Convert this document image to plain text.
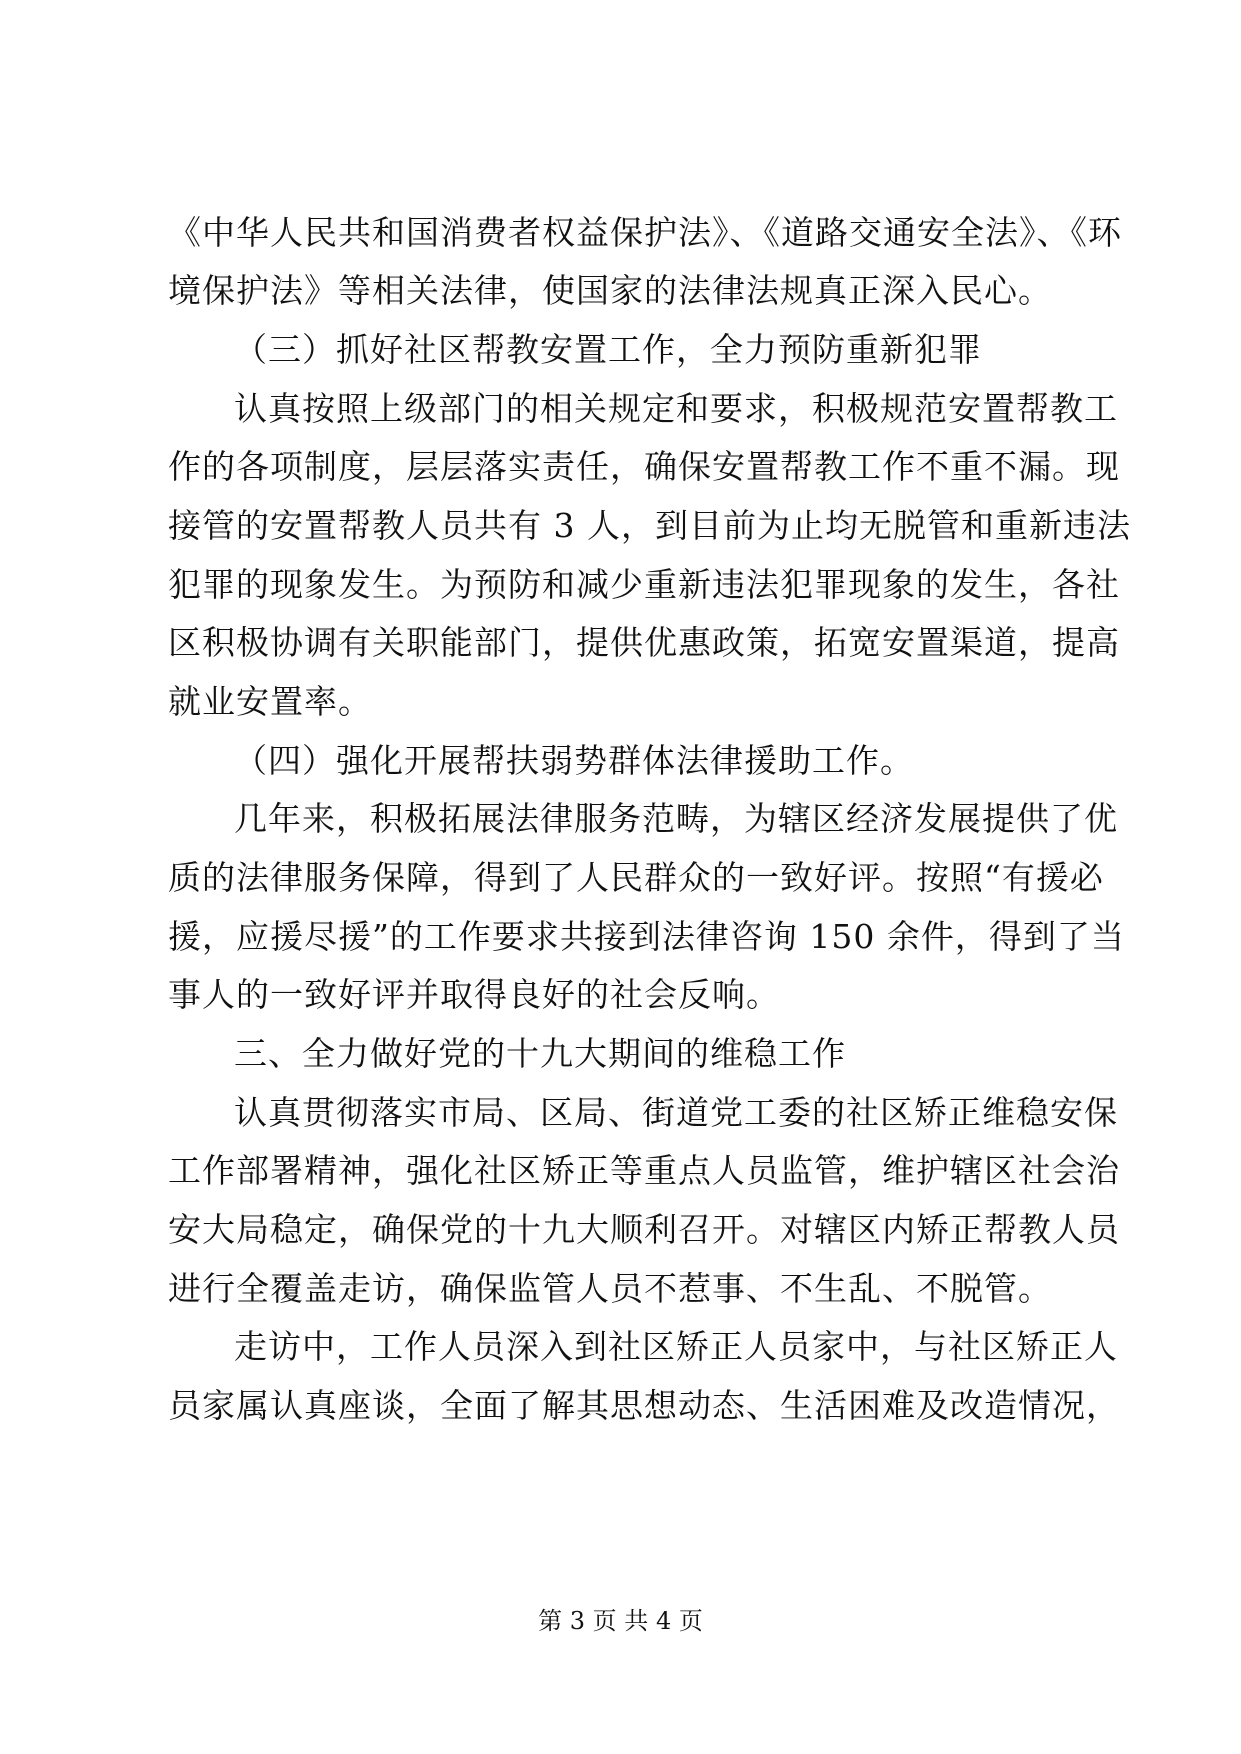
《中华人民共和国消费者权益保护法》、《道路交通安全法》、《环
境保护法》等相关法律，使国家的法律法规真正深入民心。
（三）抓好社区帮教安置工作，全力预防重新犯罪
认真按照上级部门的相关规定和要求，积极规范安置帮教工
作的各项制度，层层落实责任，确保安置帮教工作不重不漏。现
接管的安置帮教人员共有 3 人，到目前为止均无脱管和重新违法
犯罪的现象发生。为预防和减少重新违法犯罪现象的发生，各社
区积极协调有关职能部门，提供优惠政策，拓宽安置渠道，提高
就业安置率。
（四）强化开展帮扶弱势群体法律援助工作。
几年来，积极拓展法律服务范畴，为辖区经济发展提供了优
质的法律服务保障，得到了人民群众的一致好评。按照“有援必
援，应援尽援”的工作要求共接到法律咨询 150 余件，得到了当
事人的一致好评并取得良好的社会反响。
三、全力做好党的十九大期间的维稳工作
认真贯彻落实市局、区局、街道党工委的社区矫正维稳安保
工作部署精神，强化社区矫正等重点人员监管，维护辖区社会治
安大局稳定，确保党的十九大顺利召开。对辖区内矫正帮教人员
进行全覆盖走访，确保监管人员不惹事、不生乱、不脱管。
走访中，工作人员深入到社区矫正人员家中，与社区矫正人
员家属认真座谈，全面了解其思想动态、生活困难及改造情况，
第 3 页 共 4 页
